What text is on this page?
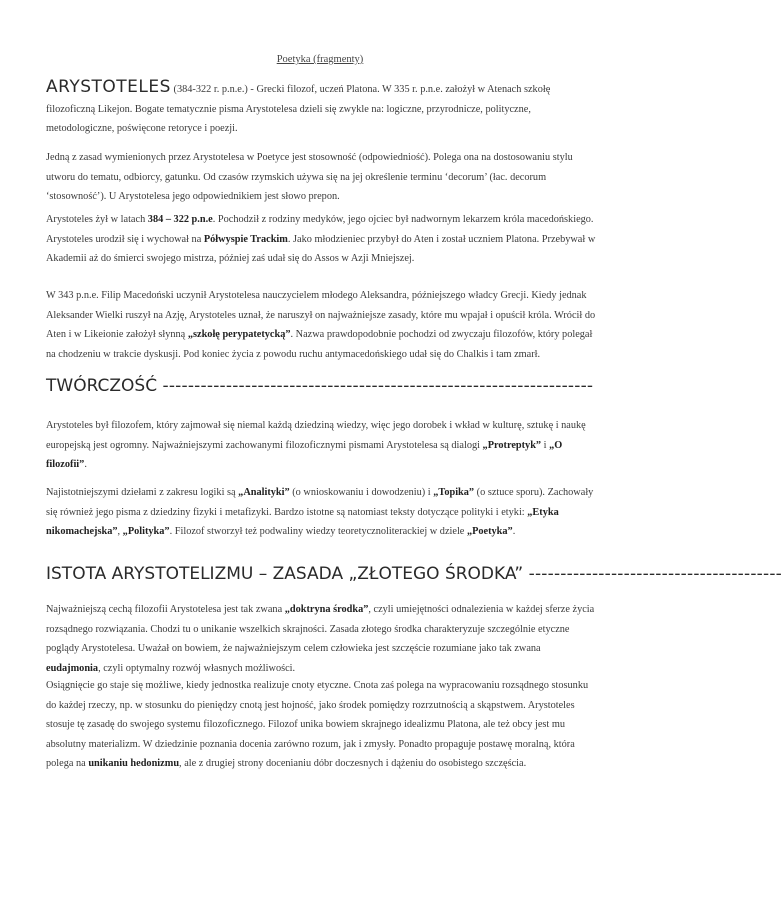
Poetyka (fragmenty)
ARYSTOTELES (384-322 r. p.n.e.) - Grecki filozof, uczeń Platona. W 335 r. p.n.e. założył w Atenach szkołę filozoficzną Likejon. Bogate tematycznie pisma Arystotelesa dzieli się zwykle na: logiczne, przyrodnicze, polityczne, metodologiczne, poświęcone retoryce i poezji.
Jedną z zasad wymienionych przez Arystotelesa w Poetyce jest stosowność (odpowiedniość). Polega ona na dostosowaniu stylu utworu do tematu, odbiorcy, gatunku. Od czasów rzymskich używa się na jej określenie terminu ‘decorum’ (łac. decorum ‘stosowność’). U Arystotelesa jego odpowiednikiem jest słowo prepon.
Arystoteles żył w latach 384 – 322 p.n.e. Pochodził z rodziny medyków, jego ojciec był nadwornym lekarzem króla macedońskiego. Arystoteles urodził się i wychował na Półwyspie Trackim. Jako młodzieniec przybył do Aten i został uczniem Platona. Przebywał w Akademii aż do śmierci swojego mistrza, później zaś udał się do Assos w Azji Mniejszej.
W 343 p.n.e. Filip Macedoński uczynił Arystotelesa nauczycielem młodego Aleksandra, późniejszego władcy Grecji. Kiedy jednak Aleksander Wielki ruszył na Azję, Arystoteles uznał, że naruszył on najważniejsze zasady, które mu wpajał i opuścił króla. Wrócił do Aten i w Likeionie założył słynną „szkołę perypatetycką”. Nazwa prawdopodobnie pochodzi od zwyczaju filozofów, który polegał na chodzeniu w trakcie dyskusji. Pod koniec życia z powodu ruchu antymacedońskiego udał się do Chalkis i tam zmarł.
TWÓRCZOŚĆ --------------------------------------------------------------------
Arystoteles był filozofem, który zajmował się niemal każdą dziedziną wiedzy, więc jego dorobek i wkład w kulturę, sztukę i naukę europejską jest ogromny. Najważniejszymi zachowanymi filozoficznymi pismami Arystotelesa są dialogi „Protreptyk” i „O filozofii”.
Najistotniejszymi dziełami z zakresu logiki są „Analityki” (o wnioskowaniu i dowodzeniu) i „Topika” (o sztuce sporu). Zachowały się również jego pisma z dziedziny fizyki i metafizyki. Bardzo istotne są natomiast teksty dotyczące polityki i etyki: „Etyka nikomachejska”, „Polityka”. Filozof stworzył też podwaliny wiedzy teoretycznoliterackiej w dziele „Poetyka”.
ISTOTA ARYSTOTELIZMU – ZASADA „ZŁOTEGO ŚRODKA” ----------------------------------------
Najważniejszą cechą filozofii Arystotelesa jest tak zwana „doktryna środka”, czyli umiejętności odnalezienia w każdej sferze życia rozsądnego rozwiązania. Chodzi tu o unikanie wszelkich skrajności. Zasada złotego środka charakteryzuje szczególnie etyczne poglądy Arystotelesa. Uważał on bowiem, że najważniejszym celem człowieka jest szczęście rozumiane jako tak zwana eudajmonia, czyli optymalny rozwój własnych możliwości.
Osiągnięcie go staje się możliwe, kiedy jednostka realizuje cnoty etyczne. Cnota zaś polega na wypracowaniu rozsądnego stosunku do każdej rzeczy, np. w stosunku do pieniędzy cnotą jest hojność, jako środek pomiędzy rozrzutnością a skąpstwem. Arystoteles stosuje tę zasadę do swojego systemu filozoficznego. Filozof unika bowiem skrajnego idealizmu Platona, ale też obcy jest mu absolutny materializm. W dziedzinie poznania docenia zarówno rozum, jak i zmysły. Ponadto propaguje postawę moralną, która polega na unikaniu hedonizmu, ale z drugiej strony docenianiu dóbr doczesnych i dążeniu do osobistego szczęścia.
